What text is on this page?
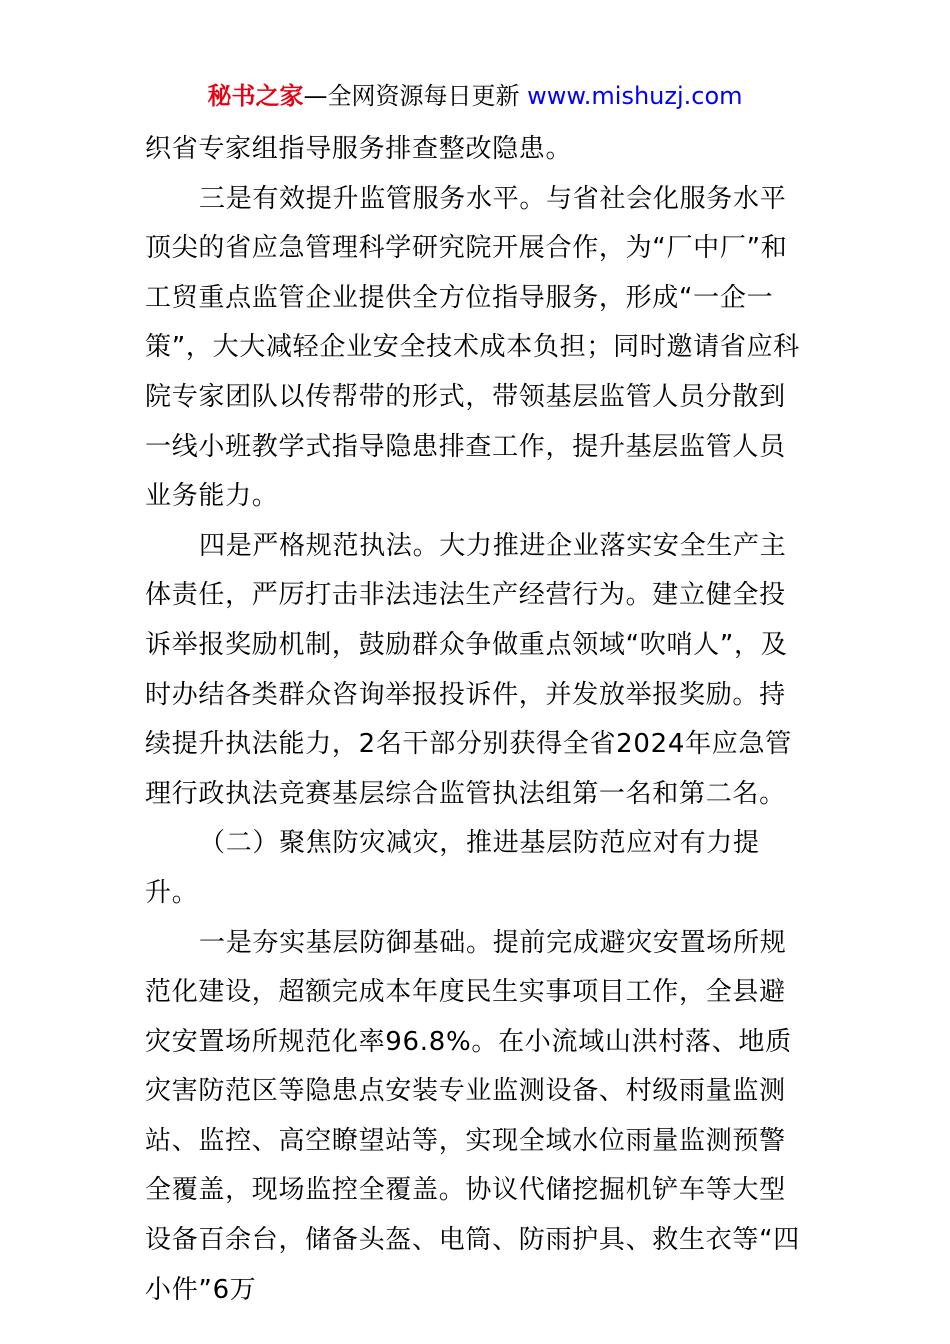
秘书之家—全网资源每日更新 www.mishuzj.com

织省专家组指导服务排查整改隐患。

三是有效提升监管服务水平。与省社会化服务水平顶尖的省应急管理科学研究院开展合作，为“厂中厂”和工贸重点监管企业提供全方位指导服务，形成“一企一策”，大大减轻企业安全技术成本负担；同时邀请省应科院专家团队以传帮带的形式，带领基层监管人员分散到一线小班教学式指导隐患排查工作，提升基层监管人员业务能力。

四是严格规范执法。大力推进企业落实安全生产主体责任，严厉打击非法违法生产经营行为。建立健全投诉举报奖励机制，鼓励群众争做重点领域“吹哨人”，及时办结各类群众咨询举报投诉件，并发放举报奖励。持续提升执法能力，2名干部分别获得全省2024年应急管理行政执法竞赛基层综合监管执法组第一名和第二名。

（二）聚焦防灾减灾，推进基层防范应对有力提升。

一是夯实基层防御基础。提前完成避灾安置场所规范化建设，超额完成本年度民生实事项目工作，全县避灾安置场所规范化率96.8%。在小流域山洪村落、地质灾害防范区等隐患点安装专业监测设备、村级雨量监测站、监控、高空瞭望站等，实现全域水位雨量监测预警全覆盖，现场监控全覆盖。协议代储挖掘机铲车等大型设备百余台，储备头盔、电筒、防雨护具、救生衣等“四小件”6万
